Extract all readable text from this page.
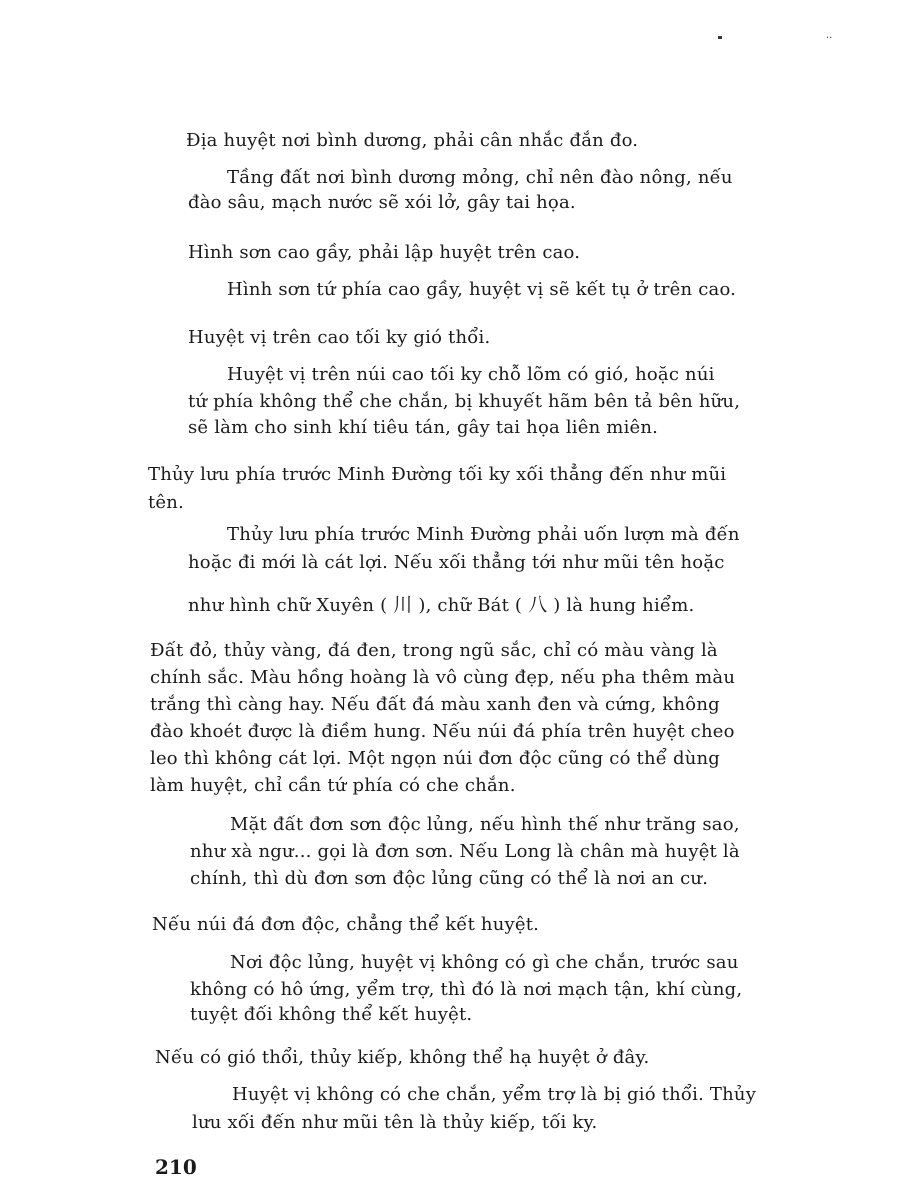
..
Địa huyệt nơi bình dương, phải cân nhắc đắn đo.
Tầng đất nơi bình dương mỏng, chỉ nên đào nông, nếu
đào sâu, mạch nước sẽ xói lở, gây tai họa.
Hình sơn cao gầy, phải lập huyệt trên cao.
Hình sơn tứ phía cao gầy, huyệt vị sẽ kết tụ ở trên cao.
Huyệt vị trên cao tối ky gió thổi.
Huyệt vị trên núi cao tối ky chỗ lõm có gió, hoặc núi
tứ phía không thể che chắn, bị khuyết hãm bên tả bên hữu,
sẽ làm cho sinh khí tiêu tán, gây tai họa liên miên.
Thủy lưu phía trước Minh Đường tối ky xối thẳng đến như mũi
tên.
Thủy lưu phía trước Minh Đường phải uốn lượn mà đến
hoặc đi mới là cát lợi. Nếu xối thẳng tới như mũi tên hoặc
như hình chữ Xuyên ( 川 ), chữ Bát ( 八 ) là hung hiểm.
Đất đỏ, thủy vàng, đá đen, trong ngũ sắc, chỉ có màu vàng là
chính sắc. Màu hồng hoàng là vô cùng đẹp, nếu pha thêm màu
trắng thì càng hay. Nếu đất đá màu xanh đen và cứng, không
đào khoét được là điềm hung. Nếu núi đá phía trên huyệt cheo
leo thì không cát lợi. Một ngọn núi đơn độc cũng có thể dùng
làm huyệt, chỉ cần tứ phía có che chắn.
Mặt đất đơn sơn độc lủng, nếu hình thế như trăng sao,
như xà ngư... gọi là đơn sơn. Nếu Long là chân mà huyệt là
chính, thì dù đơn sơn độc lủng cũng có thể là nơi an cư.
Nếu núi đá đơn độc, chẳng thể kết huyệt.
Nơi độc lủng, huyệt vị không có gì che chắn, trước sau
không có hô ứng, yểm trợ, thì đó là nơi mạch tận, khí cùng,
tuyệt đối không thể kết huyệt.
Nếu có gió thổi, thủy kiếp, không thể hạ huyệt ở đây.
Huyệt vị không có che chắn, yểm trợ là bị gió thổi. Thủy
lưu xối đến như mũi tên là thủy kiếp, tối ky.
210
